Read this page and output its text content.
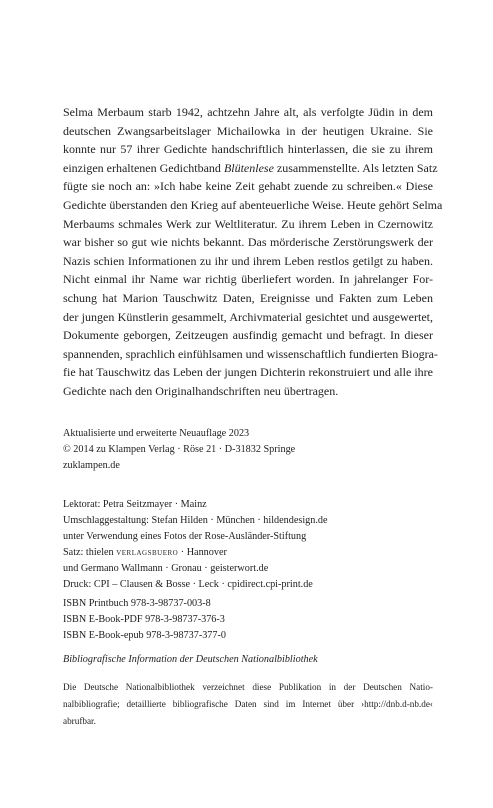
Selma Merbaum starb 1942, achtzehn Jahre alt, als verfolgte Jüdin in dem
deutschen Zwangsarbeitslager Michailowka in der heutigen Ukraine. Sie
konnte nur 57 ihrer Gedichte handschriftlich hinterlassen, die sie zu ihrem
einzigen erhaltenen Gedichtband Blütenlese zusammenstellte. Als letzten Satz
fügte sie noch an: »Ich habe keine Zeit gehabt zuende zu schreiben.« Diese
Gedichte überstanden den Krieg auf abenteuerliche Weise. Heute gehört Selma
Merbaums schmales Werk zur Weltliteratur. Zu ihrem Leben in Czernowitz
war bisher so gut wie nichts bekannt. Das mörderische Zerstörungswerk der
Nazis schien Informationen zu ihr und ihrem Leben restlos getilgt zu haben.
Nicht einmal ihr Name war richtig überliefert worden. In jahrelanger For-
schung hat Marion Tauschwitz Daten, Ereignisse und Fakten zum Leben
der jungen Künstlerin gesammelt, Archivmaterial gesichtet und ausgewertet,
Dokumente geborgen, Zeitzeugen ausfindig gemacht und befragt. In dieser
spannenden, sprachlich einfühlsamen und wissenschaftlich fundierten Biogra-
fie hat Tauschwitz das Leben der jungen Dichterin rekonstruiert und alle ihre
Gedichte nach den Originalhandschriften neu übertragen.
Aktualisierte und erweiterte Neuauflage 2023
© 2014 zu Klampen Verlag · Röse 21 · D-31832 Springe
zuklampen.de
Lektorat: Petra Seitzmayer · Mainz
Umschlaggestaltung: Stefan Hilden · München · hildendesign.de
unter Verwendung eines Fotos der Rose-Ausländer-Stiftung
Satz: thielen verlagsbuero · Hannover
und Germano Wallmann · Gronau · geisterwort.de
Druck: CPI – Clausen & Bosse · Leck · cpidirect.cpi-print.de
ISBN Printbuch 978-3-98737-003-8
ISBN E-Book-PDF 978-3-98737-376-3
ISBN E-Book-epub 978-3-98737-377-0
Bibliografische Information der Deutschen Nationalbibliothek
Die Deutsche Nationalbibliothek verzeichnet diese Publikation in der Deutschen Natio-
nalbibliografie; detaillierte bibliografische Daten sind im Internet über ›http://dnb.d-nb.de‹
abrufbar.
